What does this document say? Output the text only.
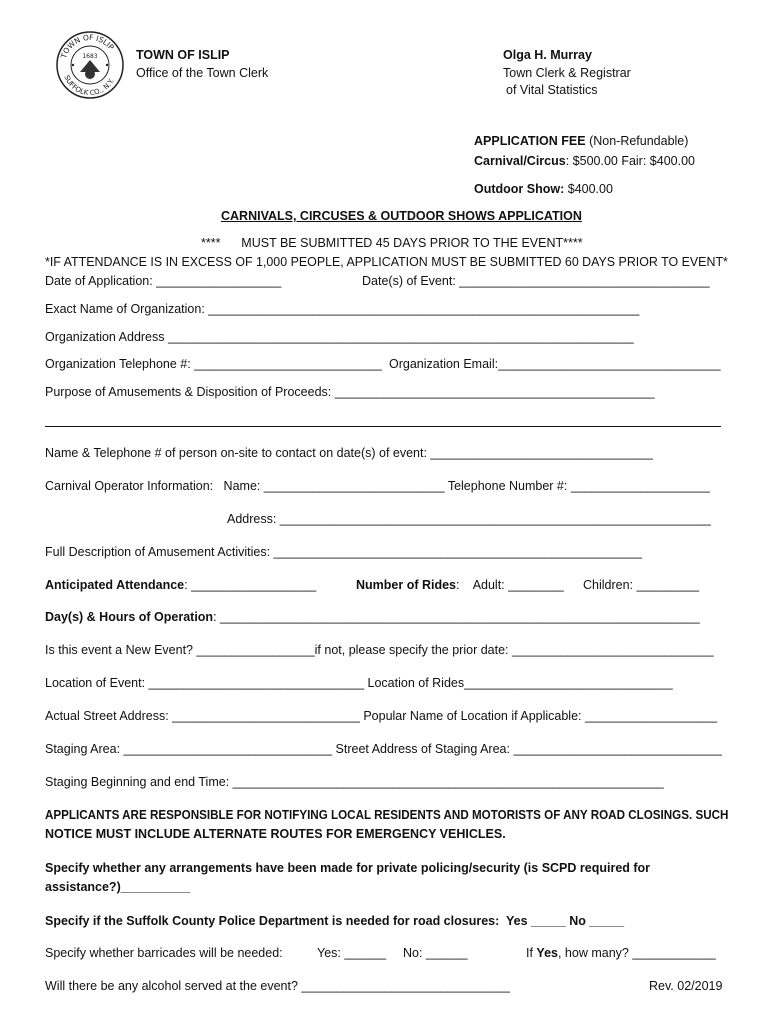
TOWN OF ISLIP
SUFFOLK CO., N.Y.
1683	TOWN OF ISLIP
Office of the Town Clerk
Olga H. Murray
Town Clerk & Registrar
of Vital Statistics
APPLICATION FEE (Non-Refundable)
Carnival/Circus: $500.00 Fair: $400.00
Outdoor Show: $400.00
CARNIVALS, CIRCUSES & OUTDOOR SHOWS APPLICATION
****      MUST BE SUBMITTED 45 DAYS PRIOR TO THE EVENT****
*IF ATTENDANCE IS IN EXCESS OF 1,000 PEOPLE, APPLICATION MUST BE SUBMITTED 60 DAYS PRIOR TO EVENT*
Date of Application: __________________	Date(s) of Event: ____________________________________
Exact Name of Organization: ______________________________________________________________
Organization Address ___________________________________________________________________
Organization Telephone #: ___________________________ Organization Email:________________________________
Purpose of Amusements & Disposition of Proceeds: ______________________________________________
Name & Telephone # of person on-site to contact on date(s) of event: ________________________________
Carnival Operator Information:   Name: __________________________ Telephone Number #: ____________________
Address: ______________________________________________________________
Full Description of Amusement Activities: _____________________________________________________
Anticipated Attendance: __________________	Number of Rides:    Adult: ________ Children: _________
Day(s) & Hours of Operation: _____________________________________________________________________
Is this event a New Event? _________________if not, please specify the prior date: _____________________________
Location of Event: _______________________________ Location of Rides______________________________
Actual Street Address: ___________________________ Popular Name of Location if Applicable: ___________________
Staging Area: ______________________________ Street Address of Staging Area: ______________________________
Staging Beginning and end Time: ______________________________________________________________
APPLICANTS ARE RESPONSIBLE FOR NOTIFYING LOCAL RESIDENTS AND MOTORISTS OF ANY ROAD CLOSINGS. SUCH
NOTICE MUST INCLUDE ALTERNATE ROUTES FOR EMERGENCY VEHICLES.
Specify whether any arrangements have been made for private policing/security (is SCPD required for
assistance?)__________
Specify if the Suffolk County Police Department is needed for road closures:  Yes _____ No _____
Specify whether barricades will be needed:	Yes: ______ No: ______	If Yes, how many? ____________
Will there be any alcohol served at the event? ______________________________	Rev. 02/2019
